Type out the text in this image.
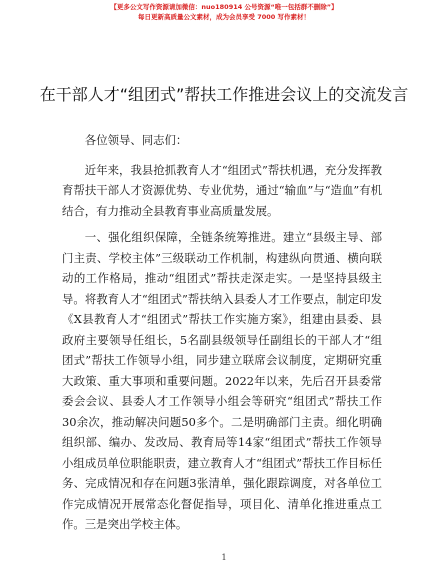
【更多公文写作资源请加微信：nuo180914 公号资源“唯一包括群不删除”】
每日更新高质量公文素材，成为会员享受 7000 写作素材！
在干部人才“组团式”帮扶工作推进会议上的交流发言

各位领导、同志们：

近年来，我县抢抓教育人才“组团式”帮扶机遇，充分发挥教育帮扶干部人才资源优势、专业优势，通过“输血”与“造血”有机结合，有力推动全县教育事业高质量发展。

一、强化组织保障，全链条统筹推进。建立“县级主导、部门主责、学校主体”三级联动工作机制，构建纵向贯通、横向联动的工作格局，推动“组团式”帮扶走深走实。一是坚持县级主导。将教育人才“组团式”帮扶纳入县委人才工作要点，制定印发《X县教育人才“组团式”帮扶工作实施方案》，组建由县委、县政府主要领导任组长，5名副县级领导任副组长的干部人才“组团式”帮扶工作领导小组，同步建立联席会议制度，定期研究重大政策、重大事项和重要问题。2022年以来，先后召开县委常委会会议、县委人才工作领导小组会等研究“组团式”帮扶工作30余次，推动解决问题50多个。二是明确部门主责。细化明确组织部、编办、发改局、教育局等14家“组团式”帮扶工作领导小组成员单位职能职责，建立教育人才“组团式”帮扶工作目标任务、完成情况和存在问题3张清单，强化跟踪调度，对各单位工作完成情况开展常态化督促指导，项目化、清单化推进重点工作。三是突出学校主体。

1
